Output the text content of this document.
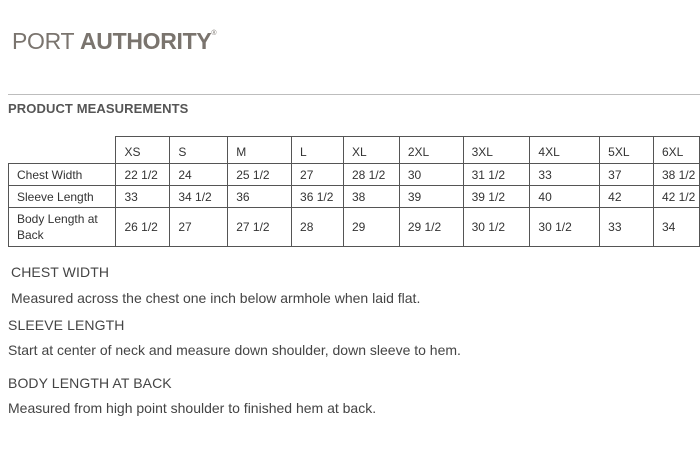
PORT AUTHORITY®
PRODUCT MEASUREMENTS
	XS	S	M	L	XL	2XL	3XL	4XL	5XL	6XL
Chest Width	22 1/2	24	25 1/2	27	28 1/2	30	31 1/2	33	37	38 1/2
Sleeve Length	33	34 1/2	36	36 1/2	38	39	39 1/2	40	42	42 1/2
Body Length at Back	26 1/2	27	27 1/2	28	29	29 1/2	30 1/2	30 1/2	33	34
CHEST WIDTH
Measured across the chest one inch below armhole when laid flat.
SLEEVE LENGTH
Start at center of neck and measure down shoulder, down sleeve to hem.
BODY LENGTH AT BACK
Measured from high point shoulder to finished hem at back.
